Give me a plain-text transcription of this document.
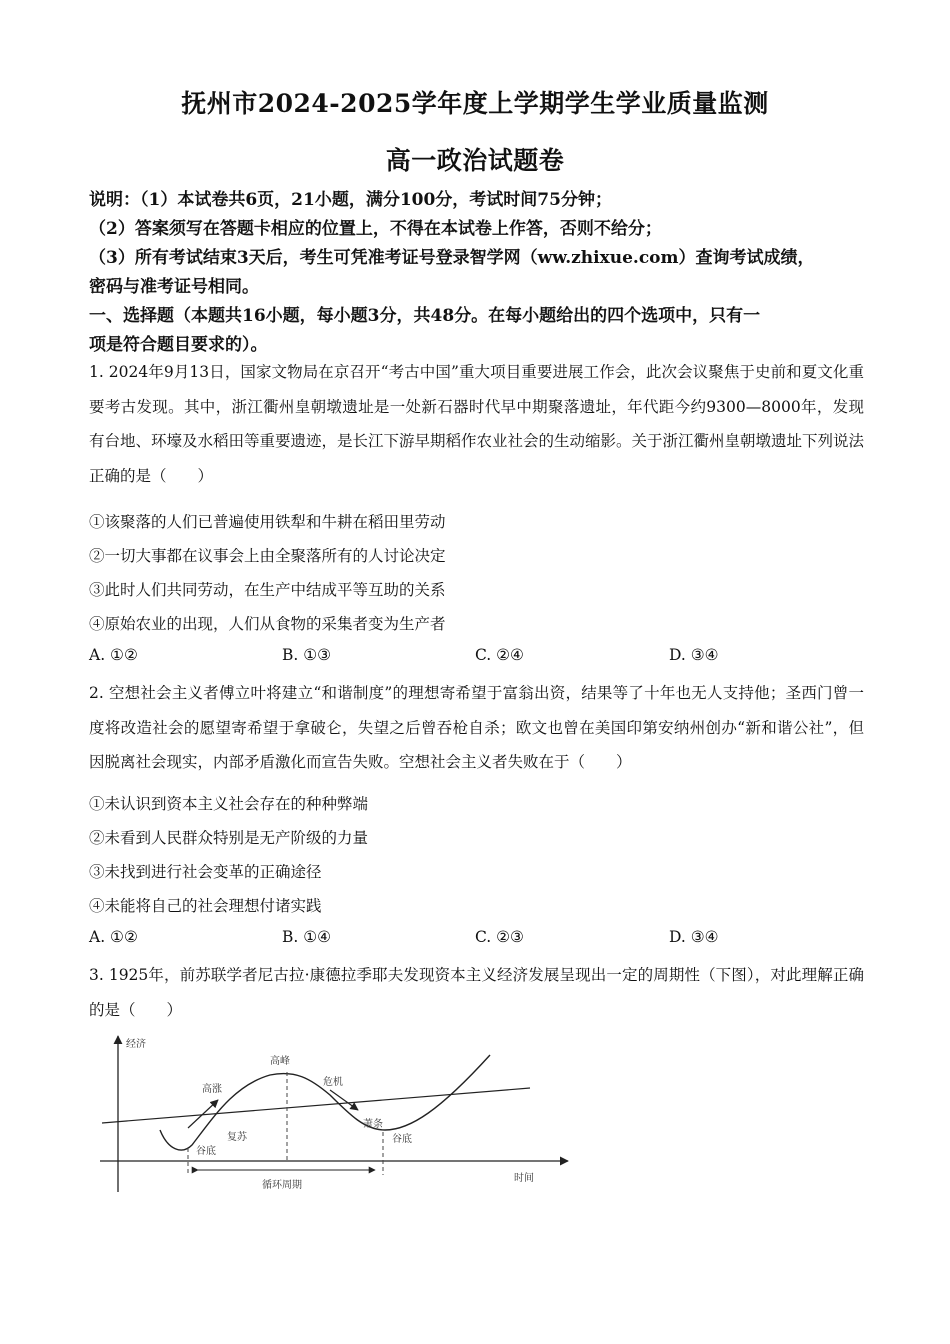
抚州市2024-2025学年度上学期学生学业质量监测
高一政治试题卷
说明：（1）本试卷共6页，21小题，满分100分，考试时间75分钟；
（2）答案须写在答题卡相应的位置上，不得在本试卷上作答，否则不给分；
（3）所有考试结束3天后，考生可凭准考证号登录智学网（ww.zhixue.com）查询考试成绩，
密码与准考证号相同。
一、选择题（本题共16小题，每小题3分，共48分。在每小题给出的四个选项中，只有一
项是符合题目要求的）。
1. 2024年9月13日，国家文物局在京召开“考古中国”重大项目重要进展工作会，此次会议聚焦于史前和夏文化重要考古发现。其中，浙江衢州皇朝墩遗址是一处新石器时代早中期聚落遗址，年代距今约9300—8000年，发现有台地、环壕及水稻田等重要遗迹，是长江下游早期稻作农业社会的生动缩影。关于浙江衢州皇朝墩遗址下列说法正确的是（　　）
①该聚落的人们已普遍使用铁犁和牛耕在稻田里劳动
②一切大事都在议事会上由全聚落所有的人讨论决定
③此时人们共同劳动，在生产中结成平等互助的关系
④原始农业的出现，人们从食物的采集者变为生产者
A. ①②	B. ①③	C. ②④	D. ③④
2. 空想社会主义者傅立叶将建立“和谐制度”的理想寄希望于富翁出资，结果等了十年也无人支持他；圣西门曾一度将改造社会的愿望寄希望于拿破仑，失望之后曾吞枪自杀；欧文也曾在美国印第安纳州创办“新和谐公社”，但因脱离社会现实，内部矛盾激化而宣告失败。空想社会主义者失败在于（　　）
①未认识到资本主义社会存在的种种弊端
②未看到人民群众特别是无产阶级的力量
③未找到进行社会变革的正确途径
④未能将自己的社会理想付诸实践
A. ①②	B. ①④	C. ②③	D. ③④
3. 1925年，前苏联学者尼古拉·康德拉季耶夫发现资本主义经济发展呈现出一定的周期性（下图），对此理解正确的是（　　）
经济
时间
循环周期
高峰
高涨
危机
复苏
萧条
谷底
谷底
